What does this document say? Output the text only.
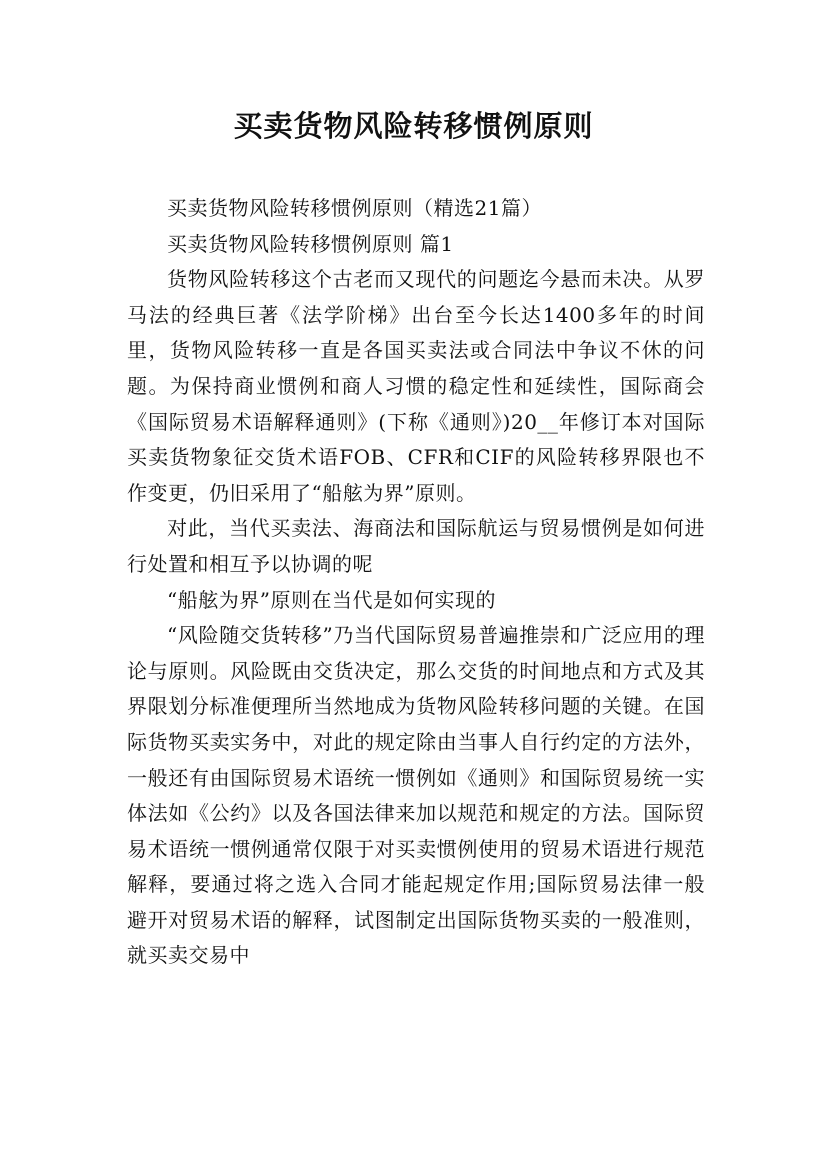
买卖货物风险转移惯例原则

买卖货物风险转移惯例原则（精选21篇）

买卖货物风险转移惯例原则 篇1

货物风险转移这个古老而又现代的问题迄今悬而未决。从罗马法的经典巨著《法学阶梯》出台至今长达1400多年的时间里，货物风险转移一直是各国买卖法或合同法中争议不休的问题。为保持商业惯例和商人习惯的稳定性和延续性，国际商会《国际贸易术语解释通则》(下称《通则》)20__年修订本对国际买卖货物象征交货术语FOB、CFR和CIF的风险转移界限也不作变更，仍旧采用了“船舷为界”原则。

对此，当代买卖法、海商法和国际航运与贸易惯例是如何进行处置和相互予以协调的呢

“船舷为界”原则在当代是如何实现的

“风险随交货转移”乃当代国际贸易普遍推崇和广泛应用的理论与原则。风险既由交货决定，那么交货的时间地点和方式及其界限划分标准便理所当然地成为货物风险转移问题的关键。在国际货物买卖实务中，对此的规定除由当事人自行约定的方法外，一般还有由国际贸易术语统一惯例如《通则》和国际贸易统一实体法如《公约》以及各国法律来加以规范和规定的方法。国际贸易术语统一惯例通常仅限于对买卖惯例使用的贸易术语进行规范解释，要通过将之选入合同才能起规定作用;国际贸易法律一般避开对贸易术语的解释，试图制定出国际货物买卖的一般准则，就买卖交易中
